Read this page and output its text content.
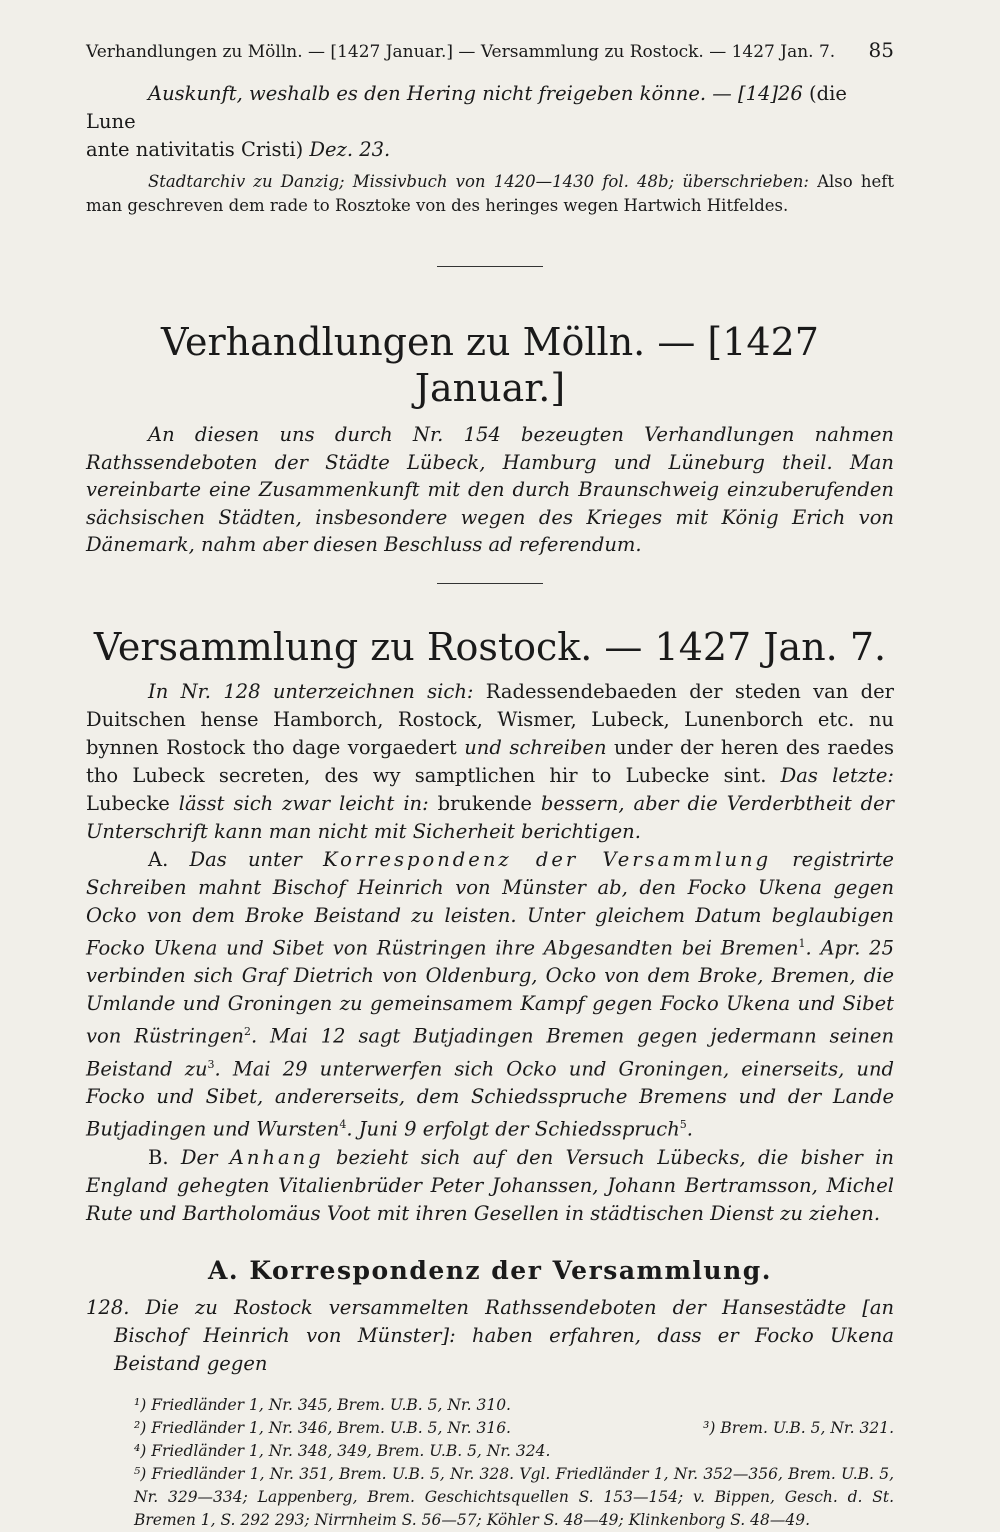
Verhandlungen zu Mölln. — [1427 Januar.] — Versammlung zu Rostock. — 1427 Jan. 7. 85

Auskunft, weshalb es den Hering nicht freigeben könne. — [14]26 (die Lune

ante nativitatis Cristi) Dez. 23.

Stadtarchiv zu Danzig; Missivbuch von 1420—1430 fol. 48b; überschrieben: Also heft man geschreven dem rade to Rosztoke von des heringes wegen Hartwich Hitfeldes.

Verhandlungen zu Mölln. — [1427 Januar.]

An diesen uns durch Nr. 154 bezeugten Verhandlungen nahmen Rathssendeboten der Städte Lübeck, Hamburg und Lüneburg theil. Man vereinbarte eine Zusammenkunft mit den durch Braunschweig einzuberufenden sächsischen Städten, insbesondere wegen des Krieges mit König Erich von Dänemark, nahm aber diesen Beschluss ad referendum.

Versammlung zu Rostock. — 1427 Jan. 7.

In Nr. 128 unterzeichnen sich: Radessendebaeden der steden van der Duitschen hense Hamborch, Rostock, Wismer, Lubeck, Lunenborch etc. nu bynnen Rostock tho dage vorgaedert und schreiben under der heren des raedes tho Lubeck secreten, des wy samptlichen hir to Lubecke sint. Das letzte: Lubecke lässt sich zwar leicht in: brukende bessern, aber die Verderbtheit der Unterschrift kann man nicht mit Sicherheit berichtigen.

A. Das unter Korrespondenz der Versammlung registrirte Schreiben mahnt Bischof Heinrich von Münster ab, den Focko Ukena gegen Ocko von dem Broke Beistand zu leisten. Unter gleichem Datum beglaubigen Focko Ukena und Sibet von Rüstringen ihre Abgesandten bei Bremen$^1$. Apr. 25 verbinden sich Graf Dietrich von Oldenburg, Ocko von dem Broke, Bremen, die Umlande und Groningen zu gemeinsamem Kampf gegen Focko Ukena und Sibet von Rüstringen$^2$. Mai 12 sagt Butjadingen Bremen gegen jedermann seinen Beistand $zu^3$. Mai 29 unterwerfen sich Ocko und Groningen, einerseits, und Focko und Sibet, andererseits, dem Schiedsspruche Bremens und der Lande Butjadingen und Wursten$^4$. Juni 9 erfolgt der Schiedsspruch$^5$.

B. Der Anhang bezieht sich auf den Versuch Lübecks, die bisher in England gehegten Vitalienbrüder Peter Johanssen, Johann Bertramsson, Michel Rute und Bartholomäus Voot mit ihren Gesellen in städtischen Dienst zu ziehen.

A. Korrespondenz der Versammlung.

128. Die zu Rostock versammelten Rathssendeboten der Hansestädte [an Bischof Heinrich von Münster]: haben erfahren, dass er Focko Ukena Beistand gegen

¹) Friedländer 1, Nr. 345, Brem. U.B. 5, Nr. 310.

²) Friedländer 1, Nr. 346, Brem. U.B. 5, Nr. 316.	³) Brem. U.B. 5, Nr. 321.

⁴) Friedländer 1, Nr. 348, 349, Brem. U.B. 5, Nr. 324.

⁵) Friedländer 1, Nr. 351, Brem. U.B. 5, Nr. 328. Vgl. Friedländer 1, Nr. 352—356, Brem. U.B. 5, Nr. 329—334; Lappenberg, Brem. Geschichtsquellen S. 153—154; v. Bippen, Gesch. d. St. Bremen 1, S. 292 293; Nirrnheim S. 56—57; Köhler S. 48—49; Klinkenborg S. 48—49.
